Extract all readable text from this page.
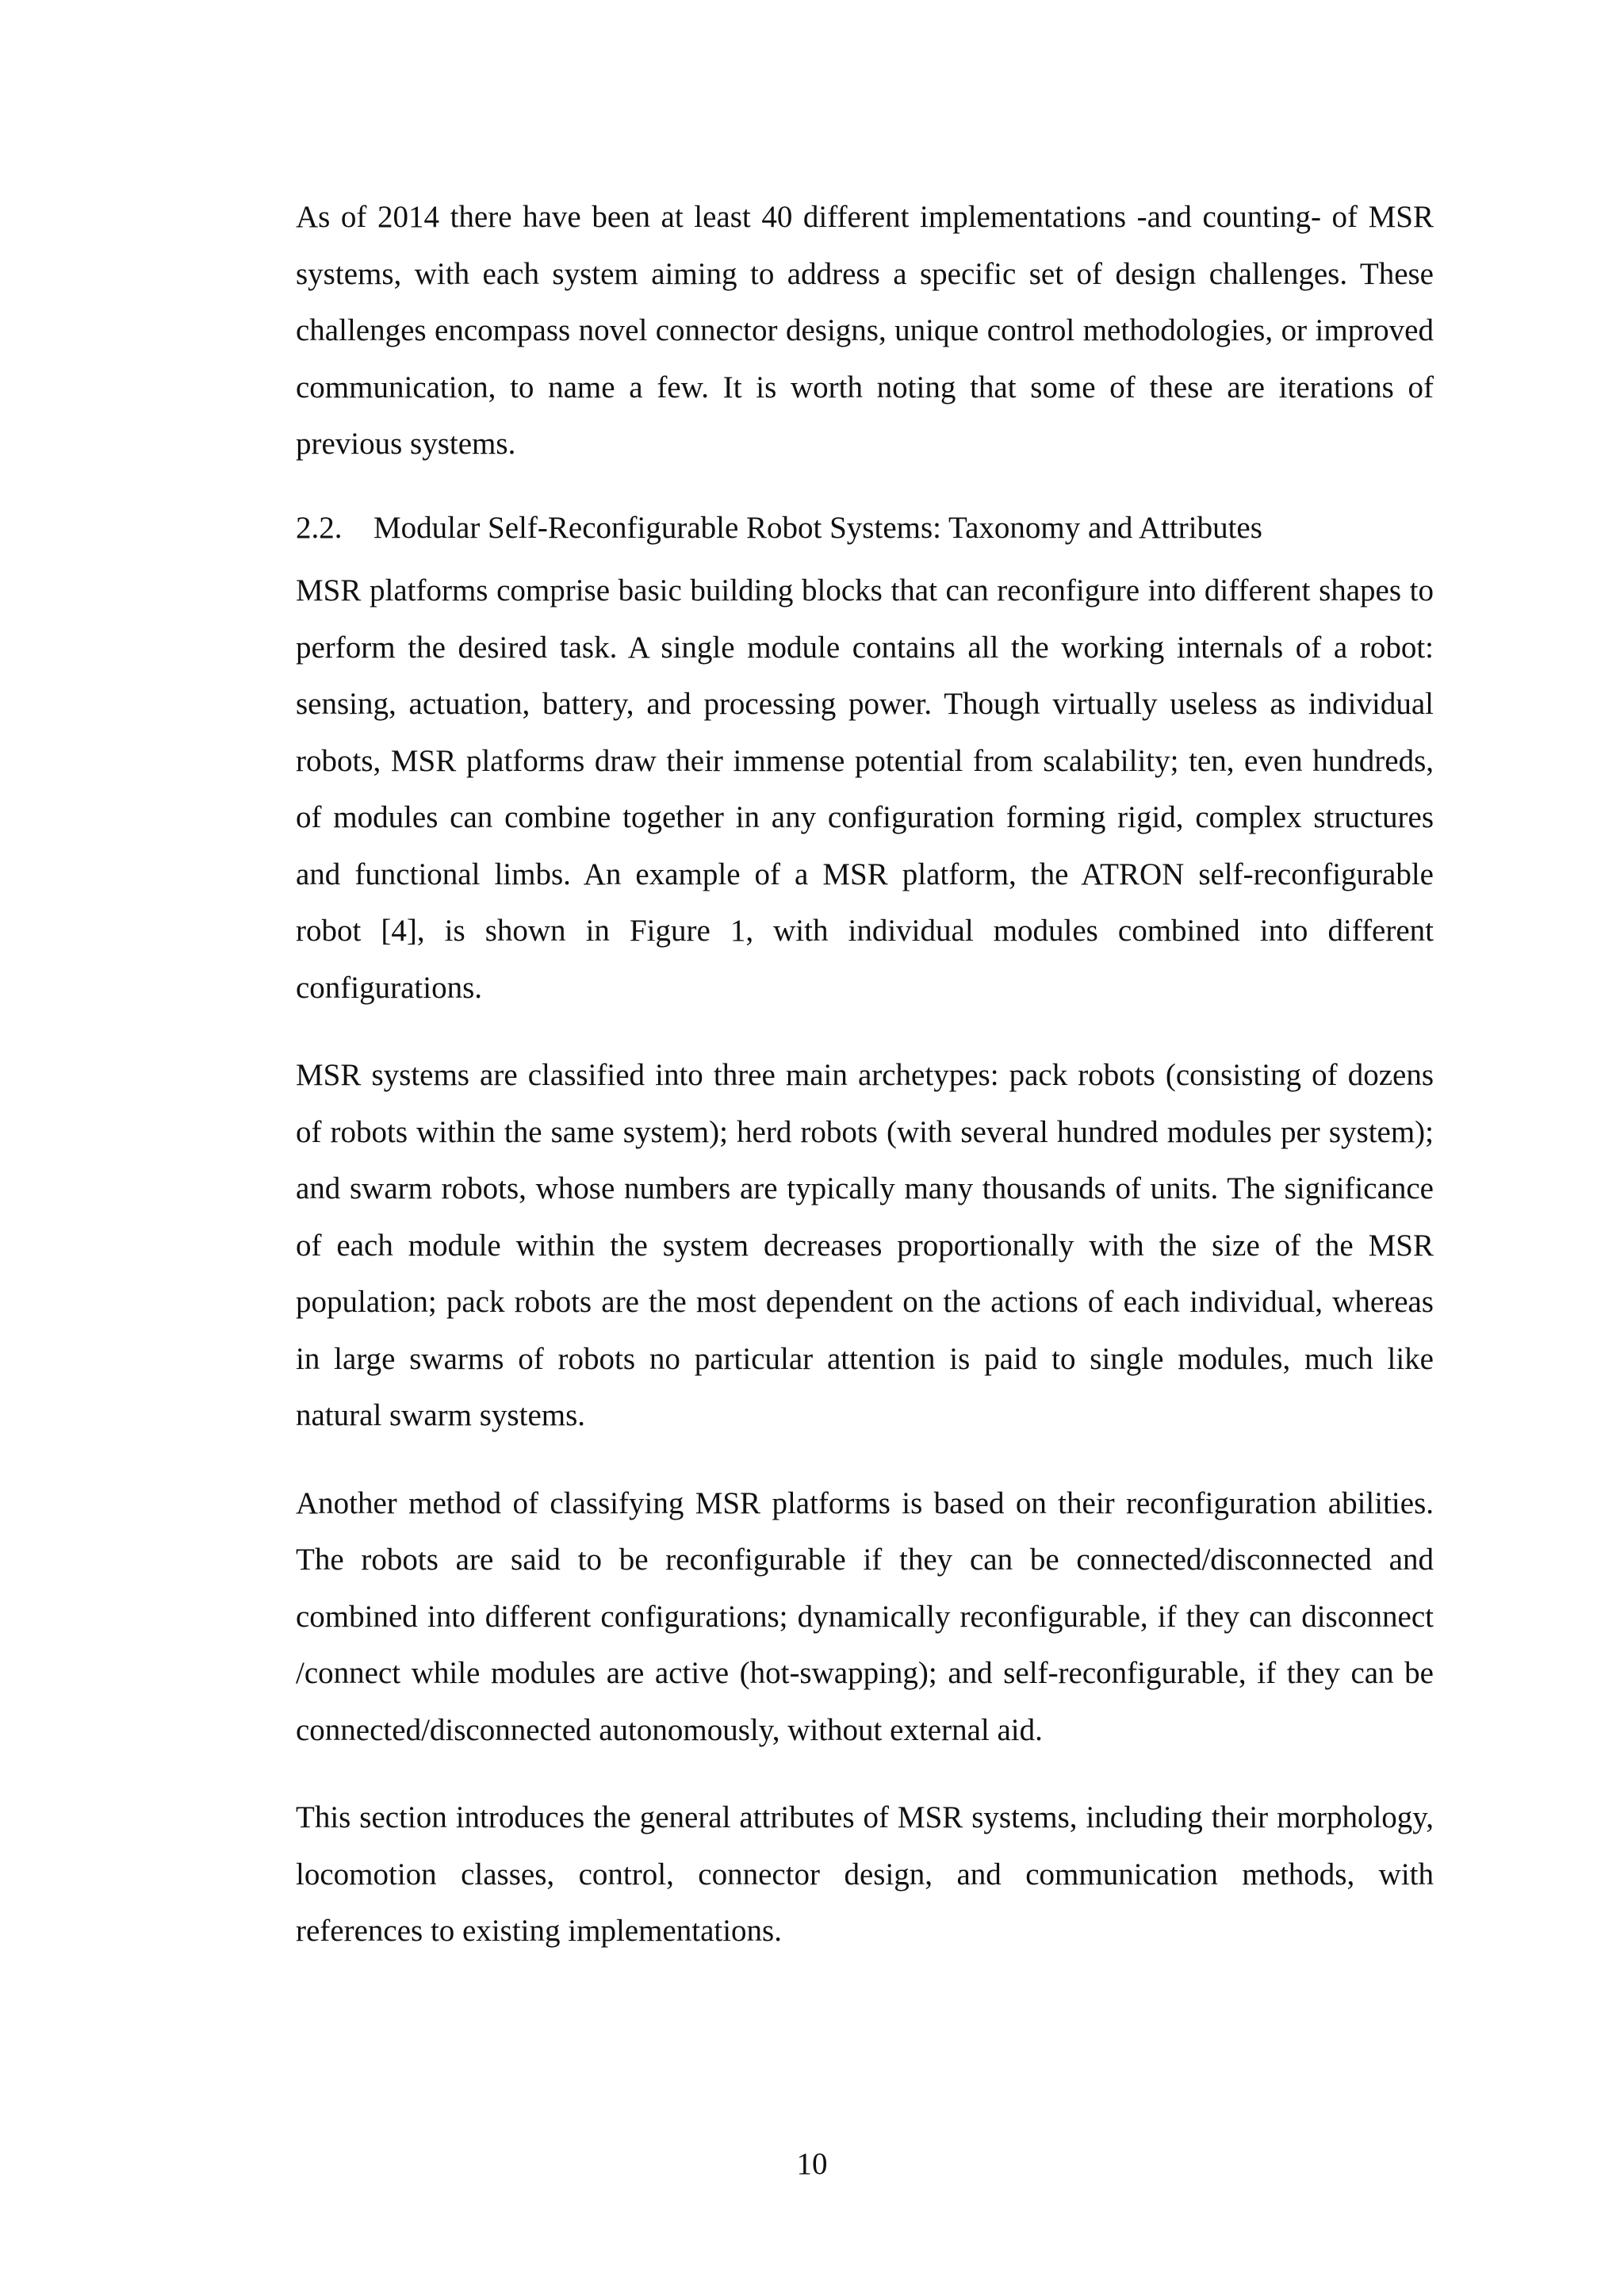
As of 2014 there have been at least 40 different implementations -and counting- of MSR systems, with each system aiming to address a specific set of design challenges. These challenges encompass novel connector designs, unique control methodologies, or improved communication, to name a few. It is worth noting that some of these are iterations of previous systems.

2.2.	Modular Self-Reconfigurable Robot Systems: Taxonomy and Attributes

MSR platforms comprise basic building blocks that can reconfigure into different shapes to perform the desired task. A single module contains all the working internals of a robot: sensing, actuation, battery, and processing power. Though virtually useless as individual robots, MSR platforms draw their immense potential from scalability; ten, even hundreds, of modules can combine together in any configuration forming rigid, complex structures and functional limbs. An example of a MSR platform, the ATRON self-reconfigurable robot [4], is shown in Figure 1, with individual modules combined into different configurations.

MSR systems are classified into three main archetypes: pack robots (consisting of dozens of robots within the same system); herd robots (with several hundred modules per system); and swarm robots, whose numbers are typically many thousands of units. The significance of each module within the system decreases proportionally with the size of the MSR population; pack robots are the most dependent on the actions of each individual, whereas in large swarms of robots no particular attention is paid to single modules, much like natural swarm systems.

Another method of classifying MSR platforms is based on their reconfiguration abilities. The robots are said to be reconfigurable if they can be connected/disconnected and combined into different configurations; dynamically reconfigurable, if they can disconnect /connect while modules are active (hot-swapping); and self-reconfigurable, if they can be connected/disconnected autonomously, without external aid.

This section introduces the general attributes of MSR systems, including their morphology, locomotion classes, control, connector design, and communication methods, with references to existing implementations.

10
